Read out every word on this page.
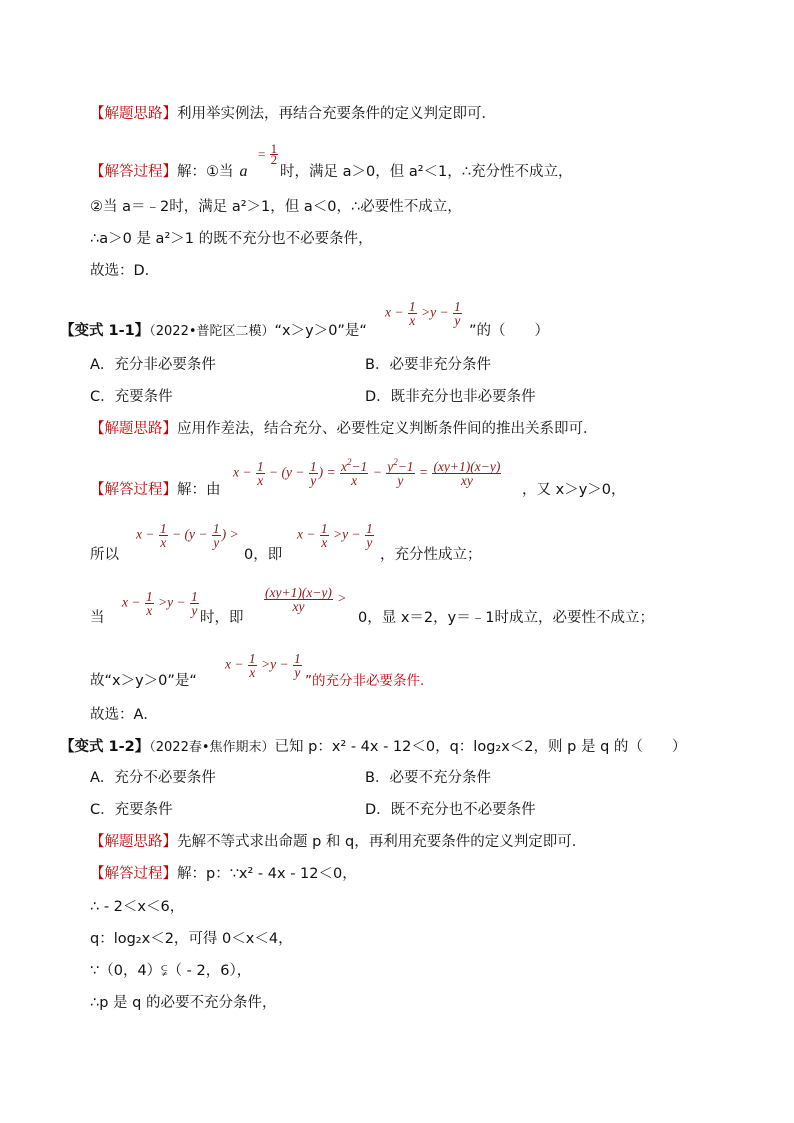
【解题思路】利用举实例法，再结合充要条件的定义判定即可．
【解答过程】解：①当 a
= $\frac{1}{2}$
时，满足 a＞0，但 a²＜1，∴充分性不成立，
②当 a＝﹣2时，满足 a²＞1，但 a＜0，∴必要性不成立，
∴a＞0 是 a²＞1 的既不充分也不必要条件，
故选：D．
【变式 1-1】（2022•普陀区二模）“x＞y＞0”是“
$x - \frac{1}{x} >y - \frac{1}{y}$
”的（　　）
A．充分非必要条件	B．必要非充分条件
C．充要条件	D．既非充分也非必要条件
【解题思路】应用作差法，结合充分、必要性定义判断条件间的推出关系即可．
【解答过程】解：由
$x - \frac{1}{x} - (y - \frac{1}{y}$ ) = $\frac{x^2-1}{x} - \frac{y^2-1}{y} = \frac{(xy+1)(x-y)}{xy}$
，又 x＞y＞0，
所以
$x - \frac{1}{x} - (y - \frac{1}{y}$ ) >
0，即
$x - \frac{1}{x} >y - \frac{1}{y}$
，充分性成立；
当
$x - \frac{1}{x} >y - \frac{1}{y}$
时，即
$\frac{(xy+1)(x-y)}{xy}$ >
0，显 x＝2，y＝﹣1时成立，必要性不成立；
故“x＞y＞0”是“
$x - \frac{1}{x} >y - \frac{1}{y}$
”的充分非必要条件.
故选：A．
【变式 1-2】（2022春•焦作期末）已知 p：x² - 4x - 12＜0，q：log₂x＜2，则 p 是 q 的（　　）
A．充分不必要条件	B．必要不充分条件
C．充要条件	D．既不充分也不必要条件
【解题思路】先解不等式求出命题 p 和 q，再利用充要条件的定义判定即可．
【解答过程】解：p：∵x² - 4x - 12＜0，
∴ - 2＜x＜6，
q：log₂x＜2，可得 0＜x＜4，
∵（0，4）⫋（ - 2，6），
∴p 是 q 的必要不充分条件，
